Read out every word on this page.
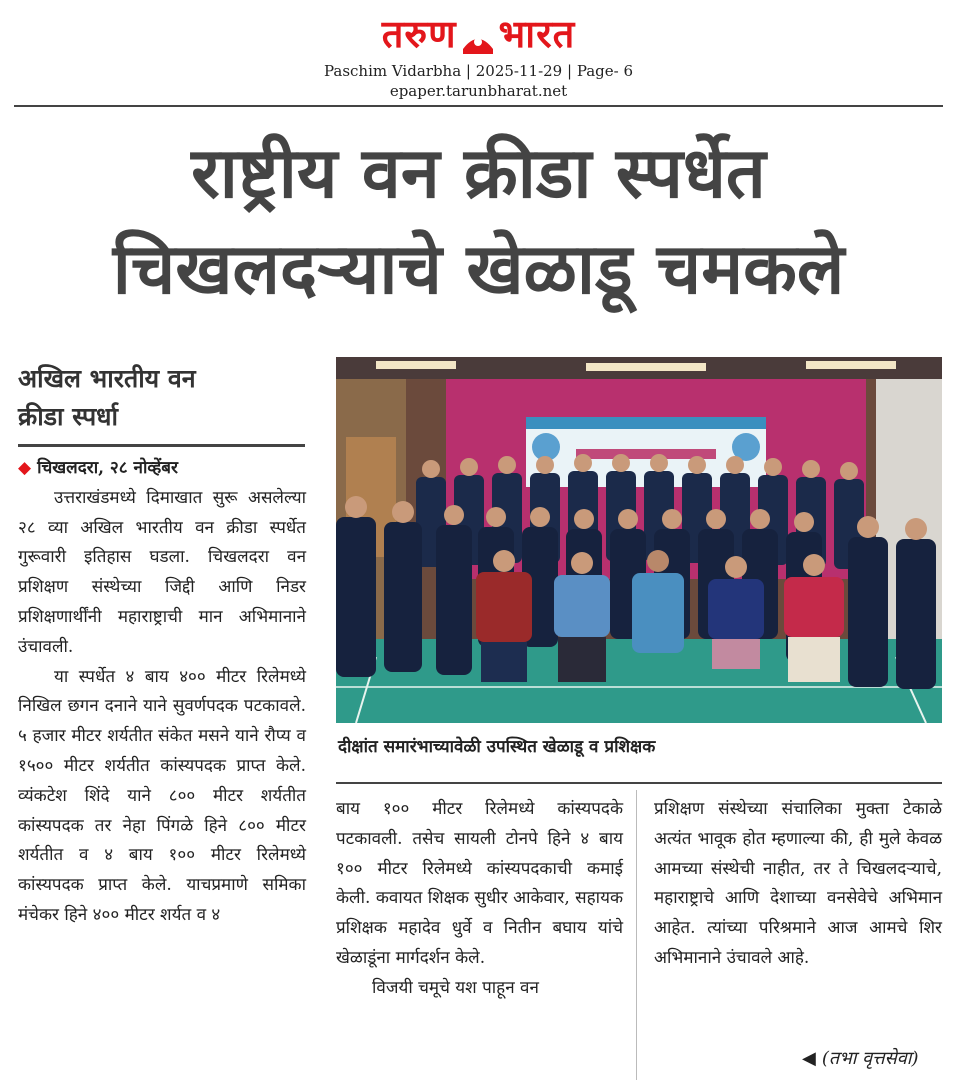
तरुण भारत
Paschim Vidarbha | 2025-11-29 | Page- 6
epaper.tarunbharat.net
राष्ट्रीय वन क्रीडा स्पर्धेत
चिखलदऱ्याचे खेळाडू चमकले
अखिल भारतीय वन
क्रीडा स्पर्धा
◆ चिखलदरा, २८ नोव्हेंबर
उत्तराखंडमध्ये दिमाखात सुरू असलेल्या २८ व्या अखिल भारतीय वन क्रीडा स्पर्धेत गुरूवारी इतिहास घडला. चिखलदरा वन प्रशिक्षण संस्थेच्या जिद्दी आणि निडर प्रशिक्षणार्थींनी महाराष्ट्राची मान अभिमानाने उंचावली.
या स्पर्धेत ४ बाय ४०० मीटर रिलेमध्ये निखिल छगन दनाने याने सुवर्णपदक पटकावले. ५ हजार मीटर शर्यतीत संकेत मसने याने रौप्य व १५०० मीटर शर्यतीत कांस्यपदक प्राप्त केले. व्यंकटेश शिंदे याने ८०० मीटर शर्यतीत कांस्यपदक तर नेहा पिंगळे हिने ८०० मीटर शर्यतीत व ४ बाय १०० मीटर रिलेमध्ये कांस्यपदक प्राप्त केले. याचप्रमाणे समिका मंचेकर हिने ४०० मीटर शर्यत व ४
दीक्षांत समारंभाच्यावेळी उपस्थित खेळाडू व प्रशिक्षक
बाय १०० मीटर रिलेमध्ये कांस्यपदके पटकावली. तसेच सायली टोनपे हिने ४ बाय १०० मीटर रिलेमध्ये कांस्यपदकाची कमाई केली. कवायत शिक्षक सुधीर आकेवार, सहायक प्रशिक्षक महादेव धुर्वे व नितीन बघाय यांचे खेळाडूंना मार्गदर्शन केले.
विजयी चमूचे यश पाहून वन
प्रशिक्षण संस्थेच्या संचालिका मुक्ता टेकाळे अत्यंत भावूक होत म्हणाल्या की, ही मुले केवळ आमच्या संस्थेची नाहीत, तर ते चिखलदऱ्याचे, महाराष्ट्राचे आणि देशाच्या वनसेवेचे अभिमान आहेत. त्यांच्या परिश्रमाने आज आमचे शिर अभिमानाने उंचावले आहे.
◀ (तभा वृत्तसेवा)
